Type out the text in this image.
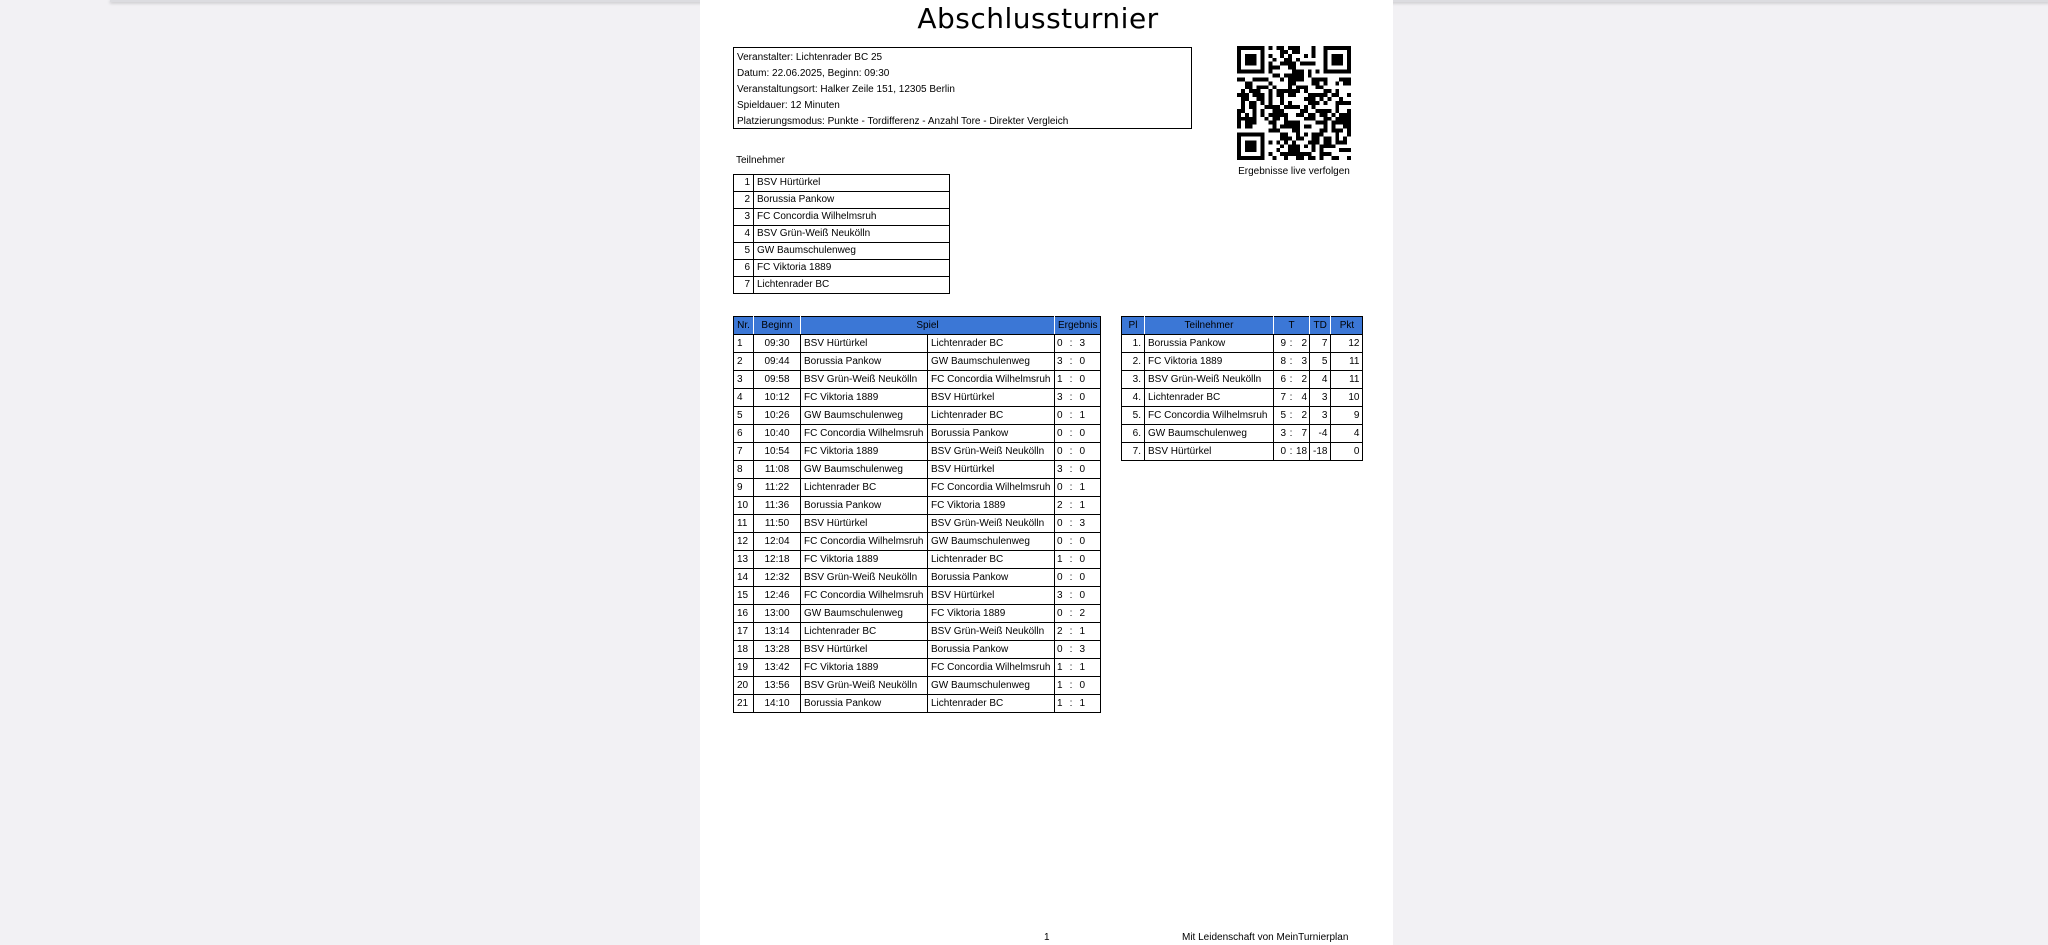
Abschlussturnier
Veranstalter: Lichtenrader BC 25
Datum: 22.06.2025, Beginn: 09:30
Veranstaltungsort: Halker Zeile 151, 12305 Berlin
Spieldauer: 12 Minuten
Platzierungsmodus: Punkte - Tordifferenz - Anzahl Tore - Direkter Vergleich
Ergebnisse live verfolgen
Teilnehmer
1	BSV Hürtürkel
2	Borussia Pankow
3	FC Concordia Wilhelmsruh
4	BSV Grün-Weiß Neukölln
5	GW Baumschulenweg
6	FC Viktoria 1889
7	Lichtenrader BC
Nr.	Beginn	Spiel		Ergebnis
1	09:30	BSV Hürtürkel	Lichtenrader BC	0 : 3
2	09:44	Borussia Pankow	GW Baumschulenweg	3 : 0
3	09:58	BSV Grün-Weiß Neukölln	FC Concordia Wilhelmsruh	1 : 0
4	10:12	FC Viktoria 1889	BSV Hürtürkel	3 : 0
5	10:26	GW Baumschulenweg	Lichtenrader BC	0 : 1
6	10:40	FC Concordia Wilhelmsruh	Borussia Pankow	0 : 0
7	10:54	FC Viktoria 1889	BSV Grün-Weiß Neukölln	0 : 0
8	11:08	GW Baumschulenweg	BSV Hürtürkel	3 : 0
9	11:22	Lichtenrader BC	FC Concordia Wilhelmsruh	0 : 1
10	11:36	Borussia Pankow	FC Viktoria 1889	2 : 1
11	11:50	BSV Hürtürkel	BSV Grün-Weiß Neukölln	0 : 3
12	12:04	FC Concordia Wilhelmsruh	GW Baumschulenweg	0 : 0
13	12:18	FC Viktoria 1889	Lichtenrader BC	1 : 0
14	12:32	BSV Grün-Weiß Neukölln	Borussia Pankow	0 : 0
15	12:46	FC Concordia Wilhelmsruh	BSV Hürtürkel	3 : 0
16	13:00	GW Baumschulenweg	FC Viktoria 1889	0 : 2
17	13:14	Lichtenrader BC	BSV Grün-Weiß Neukölln	2 : 1
18	13:28	BSV Hürtürkel	Borussia Pankow	0 : 3
19	13:42	FC Viktoria 1889	FC Concordia Wilhelmsruh	1 : 1
20	13:56	BSV Grün-Weiß Neukölln	GW Baumschulenweg	1 : 0
21	14:10	Borussia Pankow	Lichtenrader BC	1 : 1
Pl	Teilnehmer	T	TD	Pkt
1.	Borussia Pankow	9 : 2	7	12
2.	FC Viktoria 1889	8 : 3	5	11
3.	BSV Grün-Weiß Neukölln	6 : 2	4	11
4.	Lichtenrader BC	7 : 4	3	10
5.	FC Concordia Wilhelmsruh	5 : 2	3	9
6.	GW Baumschulenweg	3 : 7	-4	4
7.	BSV Hürtürkel	0 : 18	-18	0
1	Mit Leidenschaft von MeinTurnierplan
